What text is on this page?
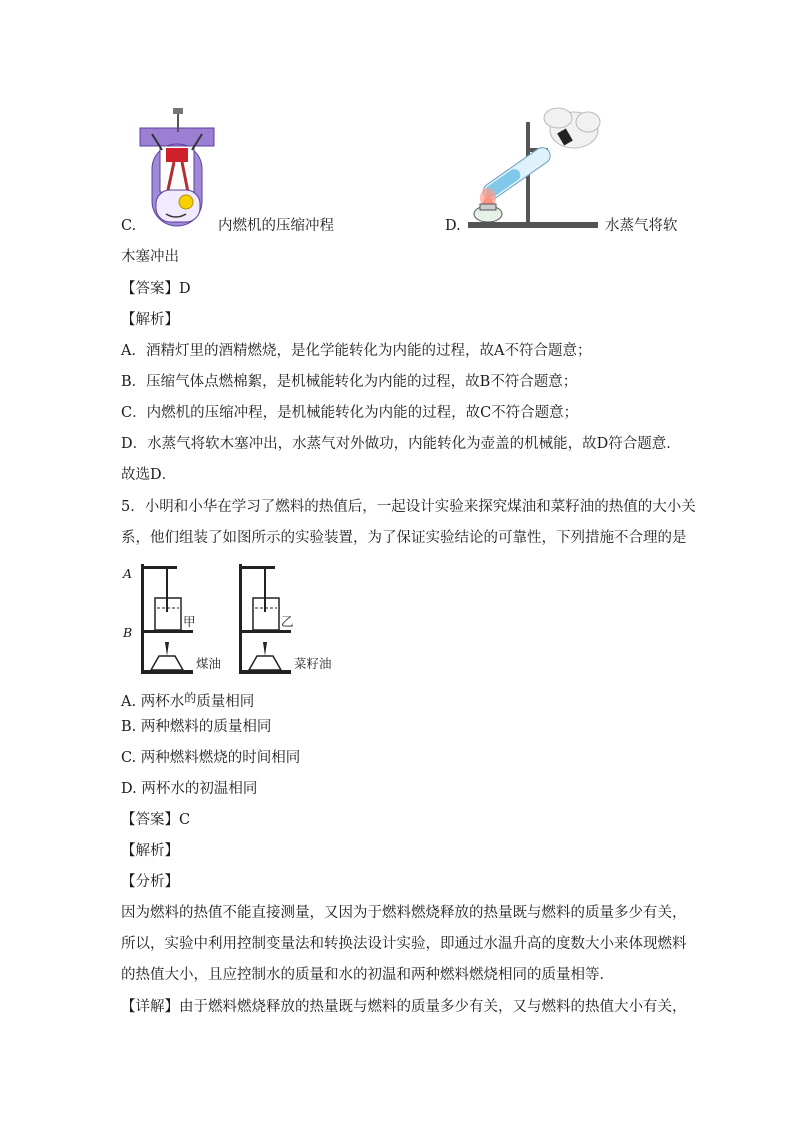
C.	内燃机的压缩冲程	D.	水蒸气将软
木塞冲出
【答案】D
【解析】
A．酒精灯里的酒精燃烧，是化学能转化为内能的过程，故A不符合题意；
B．压缩气体点燃棉絮，是机械能转化为内能的过程，故B不符合题意；
C．内燃机的压缩冲程，是机械能转化为内能的过程，故C不符合题意；
D．水蒸气将软木塞冲出，水蒸气对外做功，内能转化为壶盖的机械能，故D符合题意．
故选D．
5．小明和小华在学习了燃料的热值后，一起设计实验来探究煤油和菜籽油的热值的大小关
系，他们组装了如图所示的实验装置，为了保证实验结论的可靠性，下列措施不合理的是
A
B
甲	乙
煤油	菜籽油
A. 两杯水$^的$质量相同
B. 两种燃料的质量相同
C. 两种燃料燃烧的时间相同
D. 两杯水的初温相同
【答案】C
【解析】
【分析】
因为燃料的热值不能直接测量，又因为于燃料燃烧释放的热量既与燃料的质量多少有关，
所以，实验中利用控制变量法和转换法设计实验，即通过水温升高的度数大小来体现燃料
的热值大小，且应控制水的质量和水的初温和两种燃料燃烧相同的质量相等．
【详解】由于燃料燃烧释放的热量既与燃料的质量多少有关，又与燃料的热值大小有关，
